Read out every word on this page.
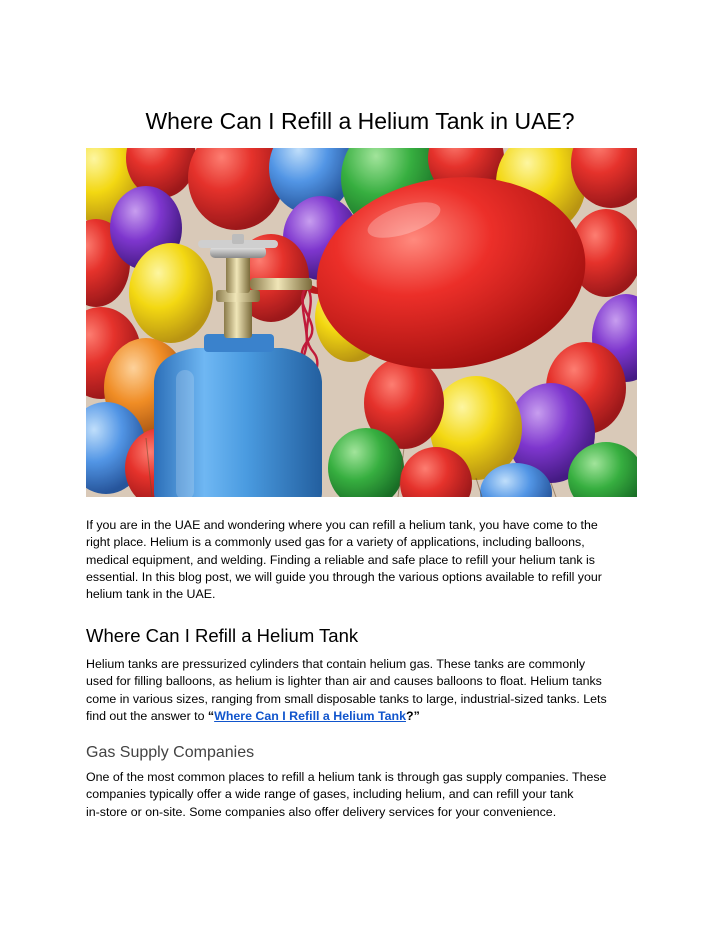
Where Can I Refill a Helium Tank in UAE?

If you are in the UAE and wondering where you can refill a helium tank, you have come to the
right place. Helium is a commonly used gas for a variety of applications, including balloons,
medical equipment, and welding. Finding a reliable and safe place to refill your helium tank is
essential. In this blog post, we will guide you through the various options available to refill your
helium tank in the UAE.

Where Can I Refill a Helium Tank

Helium tanks are pressurized cylinders that contain helium gas. These tanks are commonly
used for filling balloons, as helium is lighter than air and causes balloons to float. Helium tanks
come in various sizes, ranging from small disposable tanks to large, industrial-sized tanks. Lets
find out the answer to “Where Can I Refill a Helium Tank?”

Gas Supply Companies

One of the most common places to refill a helium tank is through gas supply companies. These
companies typically offer a wide range of gases, including helium, and can refill your tank
in-store or on-site. Some companies also offer delivery services for your convenience.
